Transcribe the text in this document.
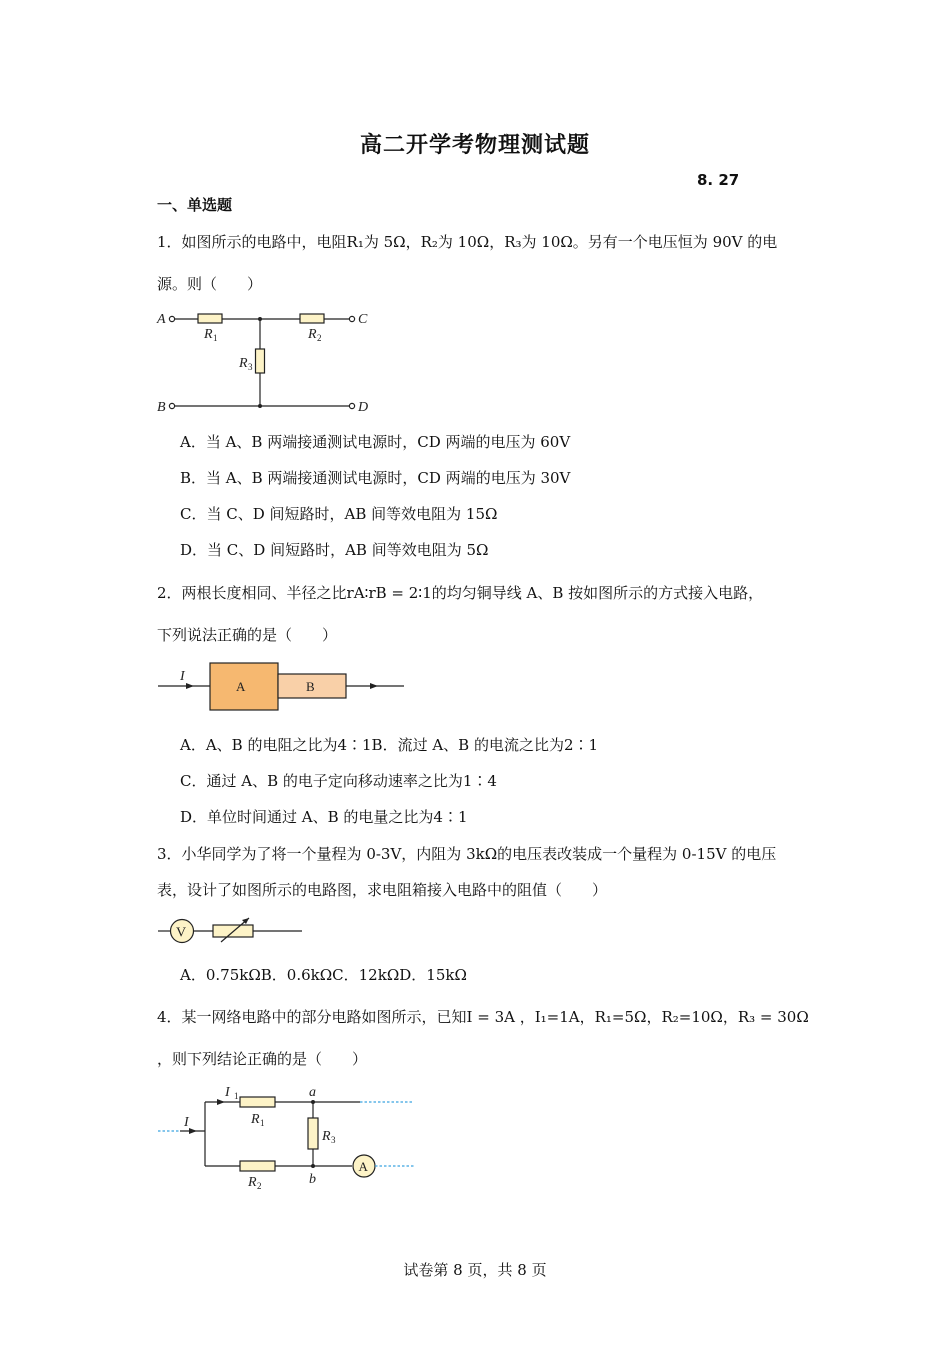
高二开学考物理测试题
8. 27
一、单选题
1．如图所示的电路中，电阻R₁为 5Ω，R₂为 10Ω，R₃为 10Ω。另有一个电压恒为 90V 的电
源。则（　　）
A
B
C
D
R	R
R
1	2
3
A．当 A、B 两端接通测试电源时，CD 两端的电压为 60V
B．当 A、B 两端接通测试电源时，CD 两端的电压为 30V
C．当 C、D 间短路时，AB 间等效电阻为 15Ω
D．当 C、D 间短路时，AB 间等效电阻为 5Ω
2．两根长度相同、半径之比rA∶rB = 2∶1的均匀铜导线 A、B 按如图所示的方式接入电路，
下列说法正确的是（　　）
I
A	B
A．A、B 的电阻之比为4∶1B．流过 A、B 的电流之比为2∶1
C．通过 A、B 的电子定向移动速率之比为1∶4
D．单位时间通过 A、B 的电量之比为4∶1
3．小华同学为了将一个量程为 0-3V，内阻为 3kΩ的电压表改装成一个量程为 0-15V 的电压
表，设计了如图所示的电路图，求电阻箱接入电路中的阻值（　　）
V
A．0.75kΩB．0.6kΩC．12kΩD．15kΩ
4．某一网络电路中的部分电路如图所示，已知I = 3A ，I₁=1A，R₁=5Ω，R₂=10Ω，R₃ = 30Ω
，则下列结论正确的是（　　）
I
I	R
R
R
a
b
1
1
2
3
A
试卷第 8 页，共 8 页
